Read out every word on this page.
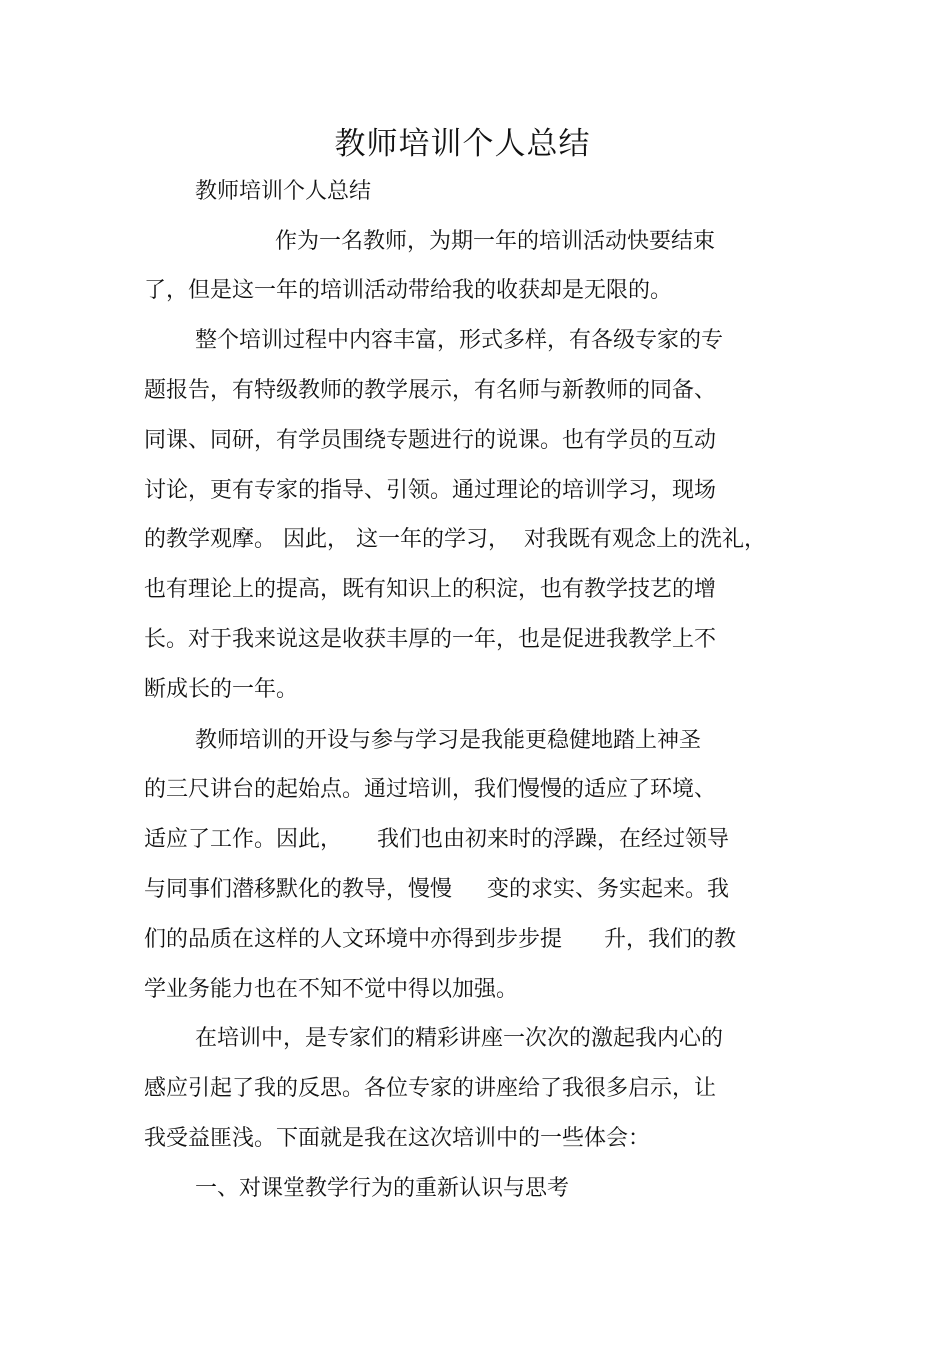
教师培训个人总结
教师培训个人总结
作为一名教师，为期一年的培训活动快要结束
了，但是这一年的培训活动带给我的收获却是无限的。
整个培训过程中内容丰富，形式多样，有各级专家的专
题报告，有特级教师的教学展示，有名师与新教师的同备、
同课、同研，有学员围绕专题进行的说课。也有学员的互动
讨论，更有专家的指导、引领。通过理论的培训学习，现场
的教学观摩。 因此， 这一年的学习，  对我既有观念上的洗礼，
也有理论上的提高，既有知识上的积淀，也有教学技艺的增
长。对于我来说这是收获丰厚的一年，也是促进我教学上不
断成长的一年。
教师培训的开设与参与学习是我能更稳健地踏上神圣
的三尺讲台的起始点。通过培训，我们慢慢的适应了环境、
适应了工作。因此，     我们也由初来时的浮躁，在经过领导
与同事们潜移默化的教导，慢慢     变的求实、务实起来。我
们的品质在这样的人文环境中亦得到步步提      升，我们的教
学业务能力也在不知不觉中得以加强。
在培训中，是专家们的精彩讲座一次次的激起我内心的
感应引起了我的反思。各位专家的讲座给了我很多启示，让
我受益匪浅。下面就是我在这次培训中的一些体会：
一、对课堂教学行为的重新认识与思考
